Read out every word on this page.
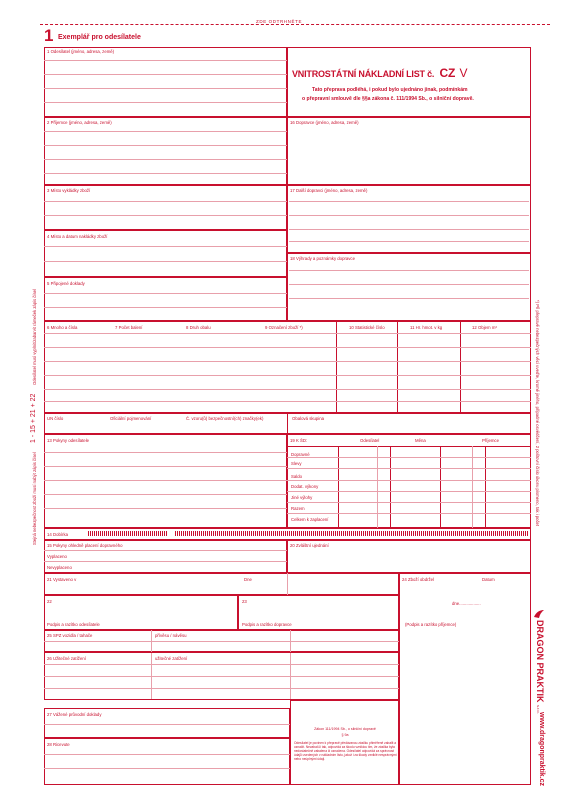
ZDE ODTRHNĚTE
1 Exemplář pro odesílatele
Odesílatel musí vyplnit/zabarvit rámeček zápis čísel
1 - 15 + 21 + 22
Stejná nebezpečnost zboží musí nabýt zápis čísel	*) Při přepravě nebezpečných věcí uveďte, kromě jiného, případné osvědčení, 2 poštovní číslo úkonu písmeno, tak i počet
1 Odesílatel (jméno, adresa, země)
VNITROSTÁTNÍ NÁKLADNÍ LIST č. CZ V
Tato přeprava podléhá, i pokud bylo ujednáno jinak, podmínkám
o přepravní smlouvě dle §§a zákona č. 111/1994 Sb., o silniční dopravě.
2 Příjemce (jméno, adresa, země)	16 Dopravce (jméno, adresa, země)
3 Místo vykládky zboží	17 Další dopravci (jméno, adresa, země)
4 Místo a datum nakládky zboží
18 Výhrady a poznámky dopravce
5 Připojené doklady
6 Mnoho a čísla	7 Počet balení	8 Druh obalu	9 Označení zboží *)	10 Statistické číslo	11 Hr. hmot. v kg	12 Objem m³
UN číslo	Oficiální pojmenování	Č. vzoru(ů) bezpečnostní(ch) značky(ek)	Obalová skupina
13 Pokyny odesílatele	19 K ŠD:	Odesílatel	Měna	Příjemce
Dopravné
Slevy
Saldo
Dodat. výkony
Jiné výlohy
Razem
Celkem k zaplacení
14 Dobírka
15 Pokyny ohledně placení dopravného
Vyplaceno
Nevyplaceno
20 Zvláštní ujednání
21 Vystaveno v	Dne	24 Zboží obdržel	Datum
dne..................
(Podpis a razítko příjemce)
22
Podpis a razítko odesílatele
23
Podpis a razítko dopravce
25 SPZ vozidla / tahače	přívěsu / návěsu
26 Užitečné zatížení	užitečné zatížení
27 Vážené průvodní doklady
28 Ricevute
Zákon 111/1994 Sb., o silniční dopravě
§ 9a
Odesílatel je povinen k přepravě předávanou zásilku přiměřeně zabalit a označit. Nezabalí-li tak, odpovídá za škodu vzniklou tím, že zásilka byla nedostatečně zabalena či označena. Odesílatel odpovídá za správnost údajů uvedených v nákladním listu, jakož i za škody vzniklé nesprávnými nebo neúplnými údaji.
DRAGON PRAKTIK s.r.o.
www.dragonpraktik.cz
